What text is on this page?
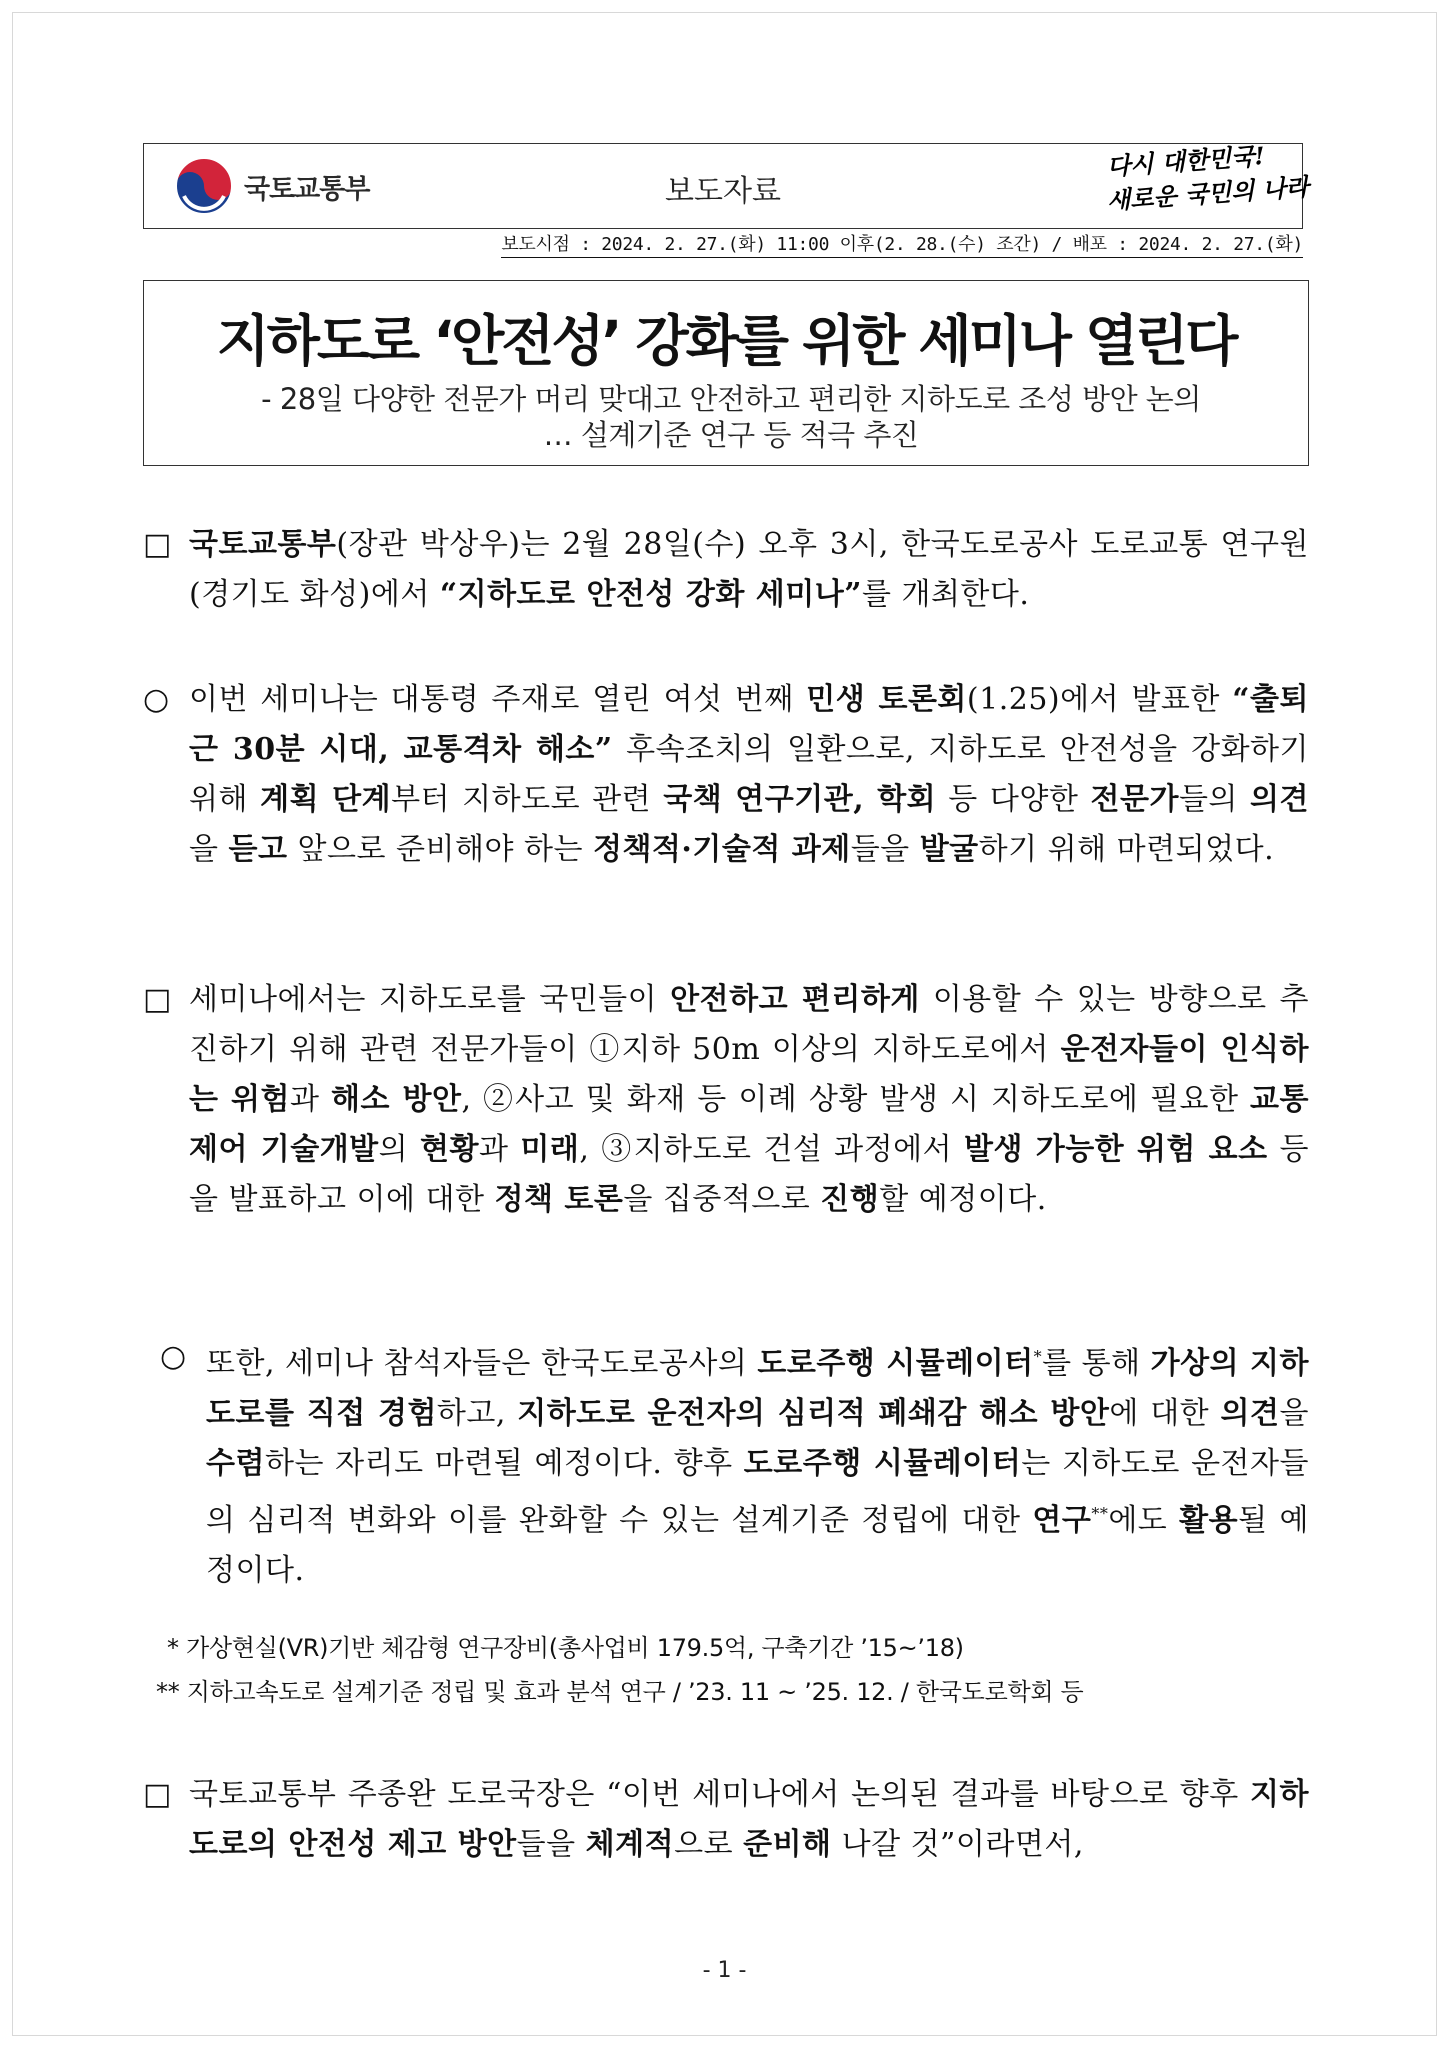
국토교통부	보도자료
다시 대한민국!
새로운 국민의 나라
보도시점 : 2024. 2. 27.(화) 11:00 이후(2. 28.(수) 조간) / 배포 : 2024. 2. 27.(화)
지하도로 ‘안전성’ 강화를 위한 세미나 열린다
- 28일 다양한 전문가 머리 맞대고 안전하고 편리한 지하도로 조성 방안 논의
… 설계기준 연구 등 적극 추진
□ 국토교통부(장관 박상우)는 2월 28일(수) 오후 3시, 한국도로공사 도로교통 연구원(경기도 화성)에서 “지하도로 안전성 강화 세미나”를 개최한다.
○ 이번 세미나는 대통령 주재로 열린 여섯 번째 민생 토론회(1.25)에서 발표한 “출퇴근 30분 시대, 교통격차 해소” 후속조치의 일환으로, 지하도로 안전성을 강화하기 위해 계획 단계부터 지하도로 관련 국책 연구기관, 학회 등 다양한 전문가들의 의견을 듣고 앞으로 준비해야 하는 정책적·기술적 과제들을 발굴하기 위해 마련되었다.
□ 세미나에서는 지하도로를 국민들이 안전하고 편리하게 이용할 수 있는 방향으로 추진하기 위해 관련 전문가들이 ①지하 50m 이상의 지하도로에서 운전자들이 인식하는 위험과 해소 방안, ②사고 및 화재 등 이례 상황 발생 시 지하도로에 필요한 교통제어 기술개발의 현황과 미래, ③지하도로 건설 과정에서 발생 가능한 위험 요소 등을 발표하고 이에 대한 정책 토론을 집중적으로 진행할 예정이다.
○ 또한, 세미나 참석자들은 한국도로공사의 도로주행 시뮬레이터*를 통해 가상의 지하도로를 직접 경험하고, 지하도로 운전자의 심리적 폐쇄감 해소 방안에 대한 의견을 수렴하는 자리도 마련될 예정이다. 향후 도로주행 시뮬레이터는 지하도로 운전자들의 심리적 변화와 이를 완화할 수 있는 설계기준 정립에 대한 연구**에도 활용될 예정이다.
* 가상현실(VR)기반 체감형 연구장비(총사업비 179.5억, 구축기간 ’15~’18)
** 지하고속도로 설계기준 정립 및 효과 분석 연구 / ’23. 11 ~ ’25. 12. / 한국도로학회 등
□ 국토교통부 주종완 도로국장은 “이번 세미나에서 논의된 결과를 바탕으로 향후 지하도로의 안전성 제고 방안들을 체계적으로 준비해 나갈 것”이라면서,
- 1 -
